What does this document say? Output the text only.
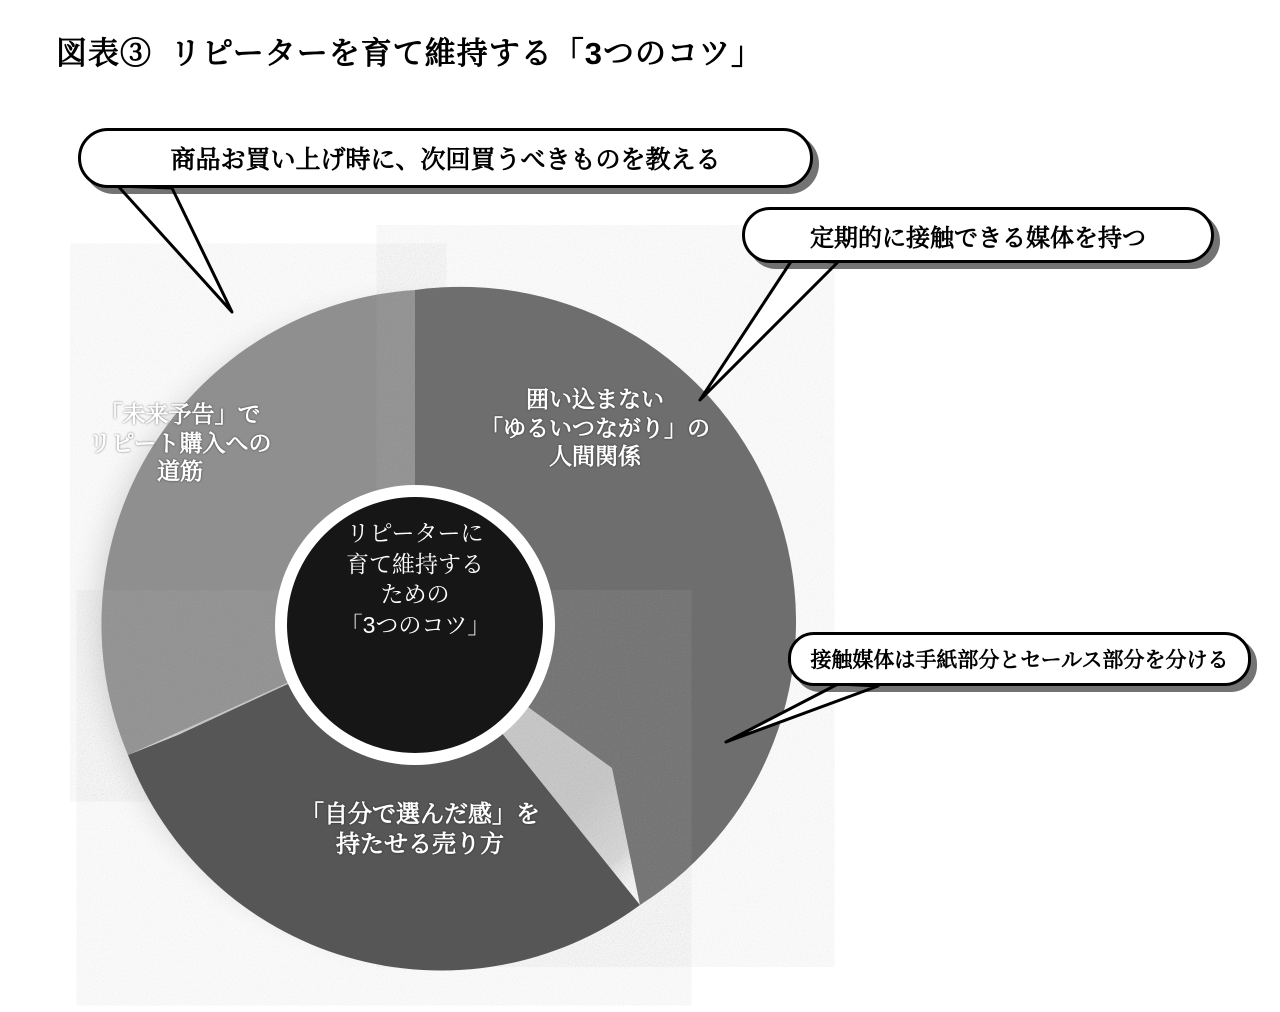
図表③ リピーターを育て維持する「3つのコツ」
「未来予告」で
リピート購入への
道筋
囲い込まない
「ゆるいつながり」の
人間関係
「自分で選んだ感」を
持たせる売り方
リピーターに
育て維持する
ための
「3つのコツ」
商品お買い上げ時に、次回買うべきものを教える
定期的に接触できる媒体を持つ
接触媒体は手紙部分とセールス部分を分ける
